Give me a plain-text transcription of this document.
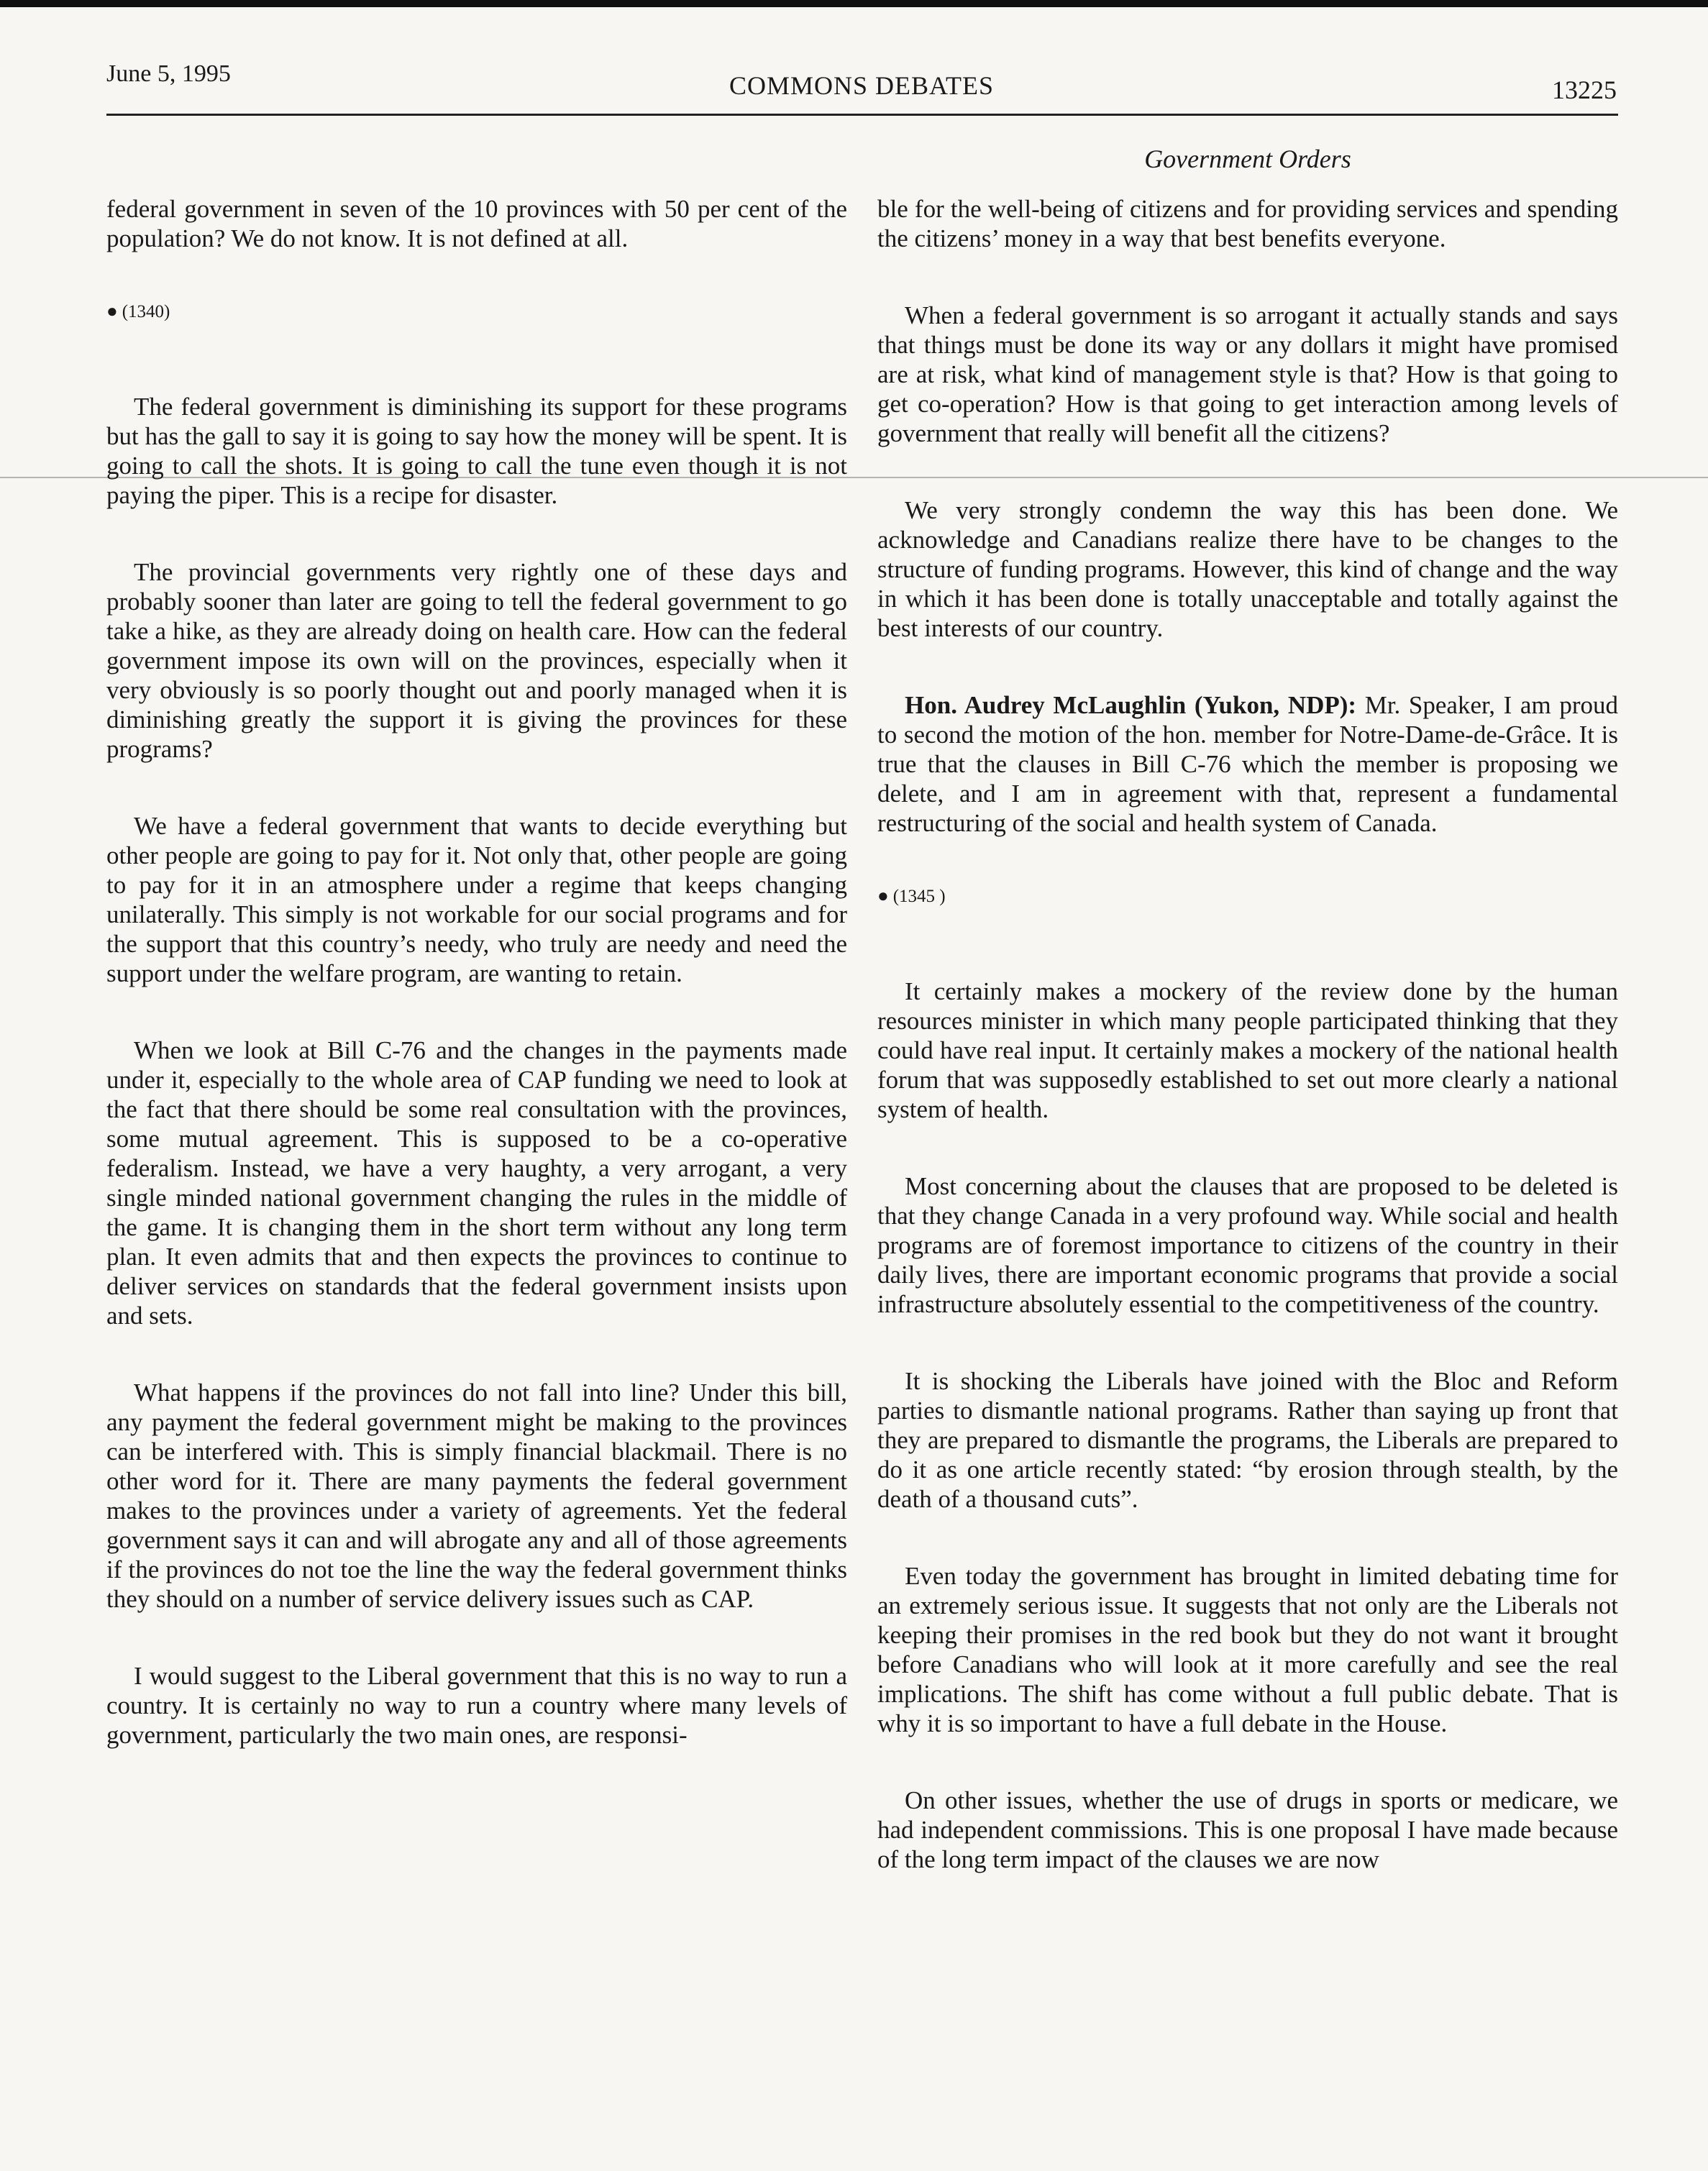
June 5, 1995	COMMONS DEBATES	13225
Government Orders

federal government in seven of the 10 provinces with 50 per cent of the population? We do not know. It is not defined at all.

● (1340)

The federal government is diminishing its support for these programs but has the gall to say it is going to say how the money will be spent. It is going to call the shots. It is going to call the tune even though it is not paying the piper. This is a recipe for disaster.

The provincial governments very rightly one of these days and probably sooner than later are going to tell the federal government to go take a hike, as they are already doing on health care. How can the federal government impose its own will on the provinces, especially when it very obviously is so poorly thought out and poorly managed when it is diminishing greatly the support it is giving the provinces for these programs?

We have a federal government that wants to decide everything but other people are going to pay for it. Not only that, other people are going to pay for it in an atmosphere under a regime that keeps changing unilaterally. This simply is not workable for our social programs and for the support that this country’s needy, who truly are needy and need the support under the welfare program, are wanting to retain.

When we look at Bill C-76 and the changes in the payments made under it, especially to the whole area of CAP funding we need to look at the fact that there should be some real consultation with the provinces, some mutual agreement. This is supposed to be a co-operative federalism. Instead, we have a very haughty, a very arrogant, a very single minded national government changing the rules in the middle of the game. It is changing them in the short term without any long term plan. It even admits that and then expects the provinces to continue to deliver services on standards that the federal government insists upon and sets.

What happens if the provinces do not fall into line? Under this bill, any payment the federal government might be making to the provinces can be interfered with. This is simply financial blackmail. There is no other word for it. There are many payments the federal government makes to the provinces under a variety of agreements. Yet the federal government says it can and will abrogate any and all of those agreements if the provinces do not toe the line the way the federal government thinks they should on a number of service delivery issues such as CAP.

I would suggest to the Liberal government that this is no way to run a country. It is certainly no way to run a country where many levels of government, particularly the two main ones, are responsi-

ble for the well-being of citizens and for providing services and spending the citizens’ money in a way that best benefits everyone.

When a federal government is so arrogant it actually stands and says that things must be done its way or any dollars it might have promised are at risk, what kind of management style is that? How is that going to get co-operation? How is that going to get interaction among levels of government that really will benefit all the citizens?

We very strongly condemn the way this has been done. We acknowledge and Canadians realize there have to be changes to the structure of funding programs. However, this kind of change and the way in which it has been done is totally unacceptable and totally against the best interests of our country.

Hon. Audrey McLaughlin (Yukon, NDP): Mr. Speaker, I am proud to second the motion of the hon. member for Notre-Dame-de-Grâce. It is true that the clauses in Bill C-76 which the member is proposing we delete, and I am in agreement with that, represent a fundamental restructuring of the social and health system of Canada.

● (1345 )

It certainly makes a mockery of the review done by the human resources minister in which many people participated thinking that they could have real input. It certainly makes a mockery of the national health forum that was supposedly established to set out more clearly a national system of health.

Most concerning about the clauses that are proposed to be deleted is that they change Canada in a very profound way. While social and health programs are of foremost importance to citizens of the country in their daily lives, there are important economic programs that provide a social infrastructure absolutely essential to the competitiveness of the country.

It is shocking the Liberals have joined with the Bloc and Reform parties to dismantle national programs. Rather than saying up front that they are prepared to dismantle the programs, the Liberals are prepared to do it as one article recently stated: “by erosion through stealth, by the death of a thousand cuts”.

Even today the government has brought in limited debating time for an extremely serious issue. It suggests that not only are the Liberals not keeping their promises in the red book but they do not want it brought before Canadians who will look at it more carefully and see the real implications. The shift has come without a full public debate. That is why it is so important to have a full debate in the House.

On other issues, whether the use of drugs in sports or medicare, we had independent commissions. This is one proposal I have made because of the long term impact of the clauses we are now
